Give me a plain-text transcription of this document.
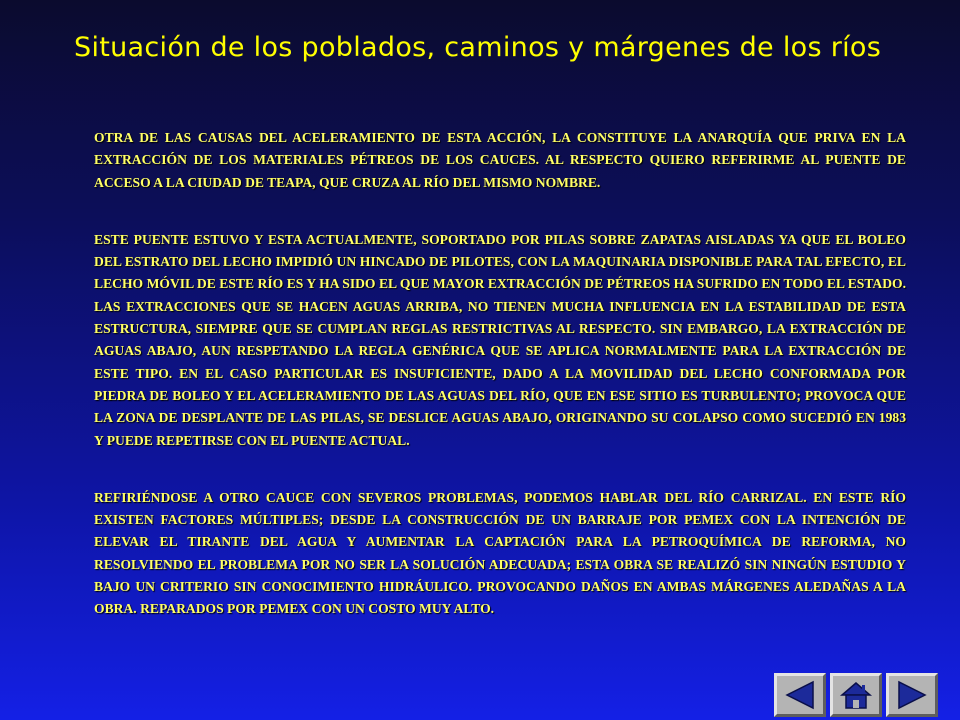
Situación de los poblados, caminos y márgenes de los ríos

OTRA DE LAS CAUSAS DEL ACELERAMIENTO DE ESTA ACCIÓN, LA CONSTITUYE LA ANARQUÍA QUE PRIVA EN LA EXTRACCIÓN DE LOS MATERIALES PÉTREOS DE LOS CAUCES. AL RESPECTO QUIERO REFERIRME AL PUENTE DE ACCESO A LA CIUDAD DE TEAPA, QUE CRUZA AL RÍO DEL MISMO NOMBRE.

ESTE PUENTE ESTUVO Y ESTA ACTUALMENTE, SOPORTADO POR PILAS SOBRE ZAPATAS AISLADAS YA QUE EL BOLEO DEL ESTRATO DEL LECHO IMPIDIÓ UN HINCADO DE PILOTES, CON LA MAQUINARIA DISPONIBLE PARA TAL EFECTO, EL LECHO MÓVIL DE ESTE RÍO ES Y HA SIDO EL QUE MAYOR EXTRACCIÓN DE PÉTREOS HA SUFRIDO EN TODO EL ESTADO. LAS EXTRACCIONES QUE SE HACEN AGUAS ARRIBA, NO TIENEN MUCHA INFLUENCIA EN LA ESTABILIDAD DE ESTA ESTRUCTURA, SIEMPRE QUE SE CUMPLAN REGLAS RESTRICTIVAS AL RESPECTO. SIN EMBARGO, LA EXTRACCIÓN DE AGUAS ABAJO, AUN RESPETANDO LA REGLA GENÉRICA QUE SE APLICA NORMALMENTE PARA LA EXTRACCIÓN DE ESTE TIPO. EN EL CASO PARTICULAR ES INSUFICIENTE, DADO A LA MOVILIDAD DEL LECHO CONFORMADA POR PIEDRA DE BOLEO Y EL ACELERAMIENTO DE LAS AGUAS DEL RÍO, QUE EN ESE SITIO ES TURBULENTO; PROVOCA QUE LA ZONA DE DESPLANTE DE LAS PILAS, SE DESLICE AGUAS ABAJO, ORIGINANDO SU COLAPSO COMO SUCEDIÓ EN 1983 Y PUEDE REPETIRSE CON EL PUENTE ACTUAL.

REFIRIÉNDOSE A OTRO CAUCE CON SEVEROS PROBLEMAS, PODEMOS HABLAR DEL RÍO CARRIZAL. EN ESTE RÍO EXISTEN FACTORES MÚLTIPLES; DESDE LA CONSTRUCCIÓN DE UN BARRAJE POR PEMEX CON LA INTENCIÓN DE ELEVAR EL TIRANTE DEL AGUA Y AUMENTAR LA CAPTACIÓN PARA LA PETROQUÍMICA DE REFORMA, NO RESOLVIENDO EL PROBLEMA POR NO SER LA SOLUCIÓN ADECUADA; ESTA OBRA SE REALIZÓ SIN NINGÚN ESTUDIO Y BAJO UN CRITERIO SIN CONOCIMIENTO HIDRÁULICO. PROVOCANDO DAÑOS EN AMBAS MÁRGENES ALEDAÑAS A LA OBRA. REPARADOS POR PEMEX CON UN COSTO MUY ALTO.
